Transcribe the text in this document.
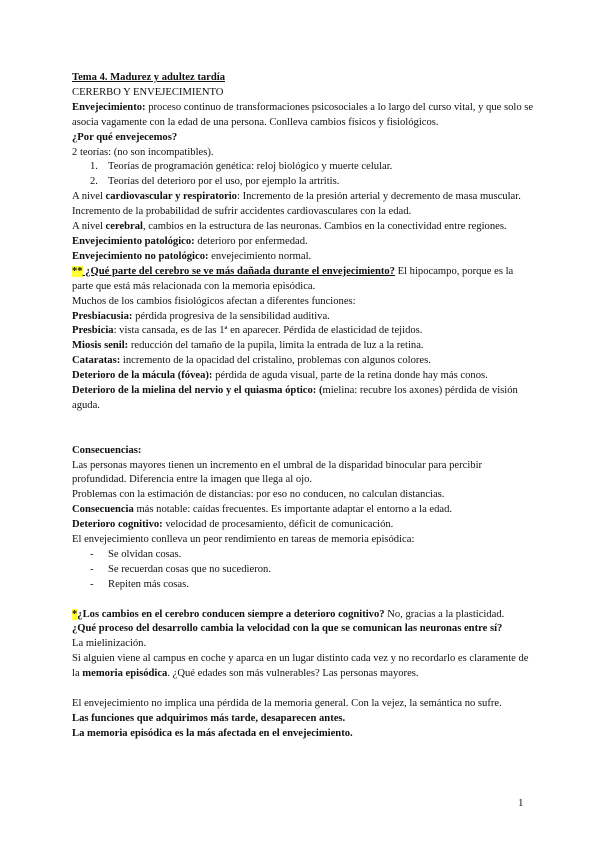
Tema 4. Madurez y adultez tardía

CERERBO Y ENVEJECIMIENTO

Envejecimiento: proceso continuo de transformaciones psicosociales a lo largo del curso vital, y que solo se asocia vagamente con la edad de una persona. Conlleva cambios físicos y fisiológicos.

¿Por qué envejecemos?

2 teorías: (no son incompatibles).

1. Teorías de programación genética: reloj biológico y muerte celular.
2. Teorías del deterioro por el uso, por ejemplo la artritis.

A nivel cardiovascular y respiratorio: Incremento de la presión arterial y decremento de masa muscular. Incremento de la probabilidad de sufrir accidentes cardiovasculares con la edad.

A nivel cerebral, cambios en la estructura de las neuronas. Cambios en la conectividad entre regiones.

Envejecimiento patológico: deterioro por enfermedad.

Envejecimiento no patológico: envejecimiento normal.

** ¿Qué parte del cerebro se ve más dañada durante el envejecimiento? El hipocampo, porque es la parte que está más relacionada con la memoria episódica.

Muchos de los cambios fisiológicos afectan a diferentes funciones:

Presbiacusia: pérdida progresiva de la sensibilidad auditiva.

Presbicia: vista cansada, es de las 1ª en aparecer. Pérdida de elasticidad de tejidos.

Miosis senil: reducción del tamaño de la pupila, limita la entrada de luz a la retina.

Cataratas: incremento de la opacidad del cristalino, problemas con algunos colores.

Deterioro de la mácula (fóvea): pérdida de aguda visual, parte de la retina donde hay más conos.

Deterioro de la mielina del nervio y el quiasma óptico: (mielina: recubre los axones) pérdida de visión aguda.

Consecuencias:

Las personas mayores tienen un incremento en el umbral de la disparidad binocular para percibir profundidad. Diferencia entre la imagen que llega al ojo.

Problemas con la estimación de distancias: por eso no conducen, no calculan distancias.

Consecuencia más notable: caídas frecuentes. Es importante adaptar el entorno a la edad.

Deterioro cognitivo: velocidad de procesamiento, déficit de comunicación.

El envejecimiento conlleva un peor rendimiento en tareas de memoria episódica:

- Se olvidan cosas.
- Se recuerdan cosas que no sucedieron.
- Repiten más cosas.

*¿Los cambios en el cerebro conducen siempre a deterioro cognitivo? No, gracias a la plasticidad.

¿Qué proceso del desarrollo cambia la velocidad con la que se comunican las neuronas entre sí?

La mielinización.

Si alguien viene al campus en coche y aparca en un lugar distinto cada vez y no recordarlo es claramente de la memoria episódica. ¿Qué edades son más vulnerables? Las personas mayores.

El envejecimiento no implica una pérdida de la memoria general. Con la vejez, la semántica no sufre.

Las funciones que adquirimos más tarde, desaparecen antes.

La memoria episódica es la más afectada en el envejecimiento.

1
